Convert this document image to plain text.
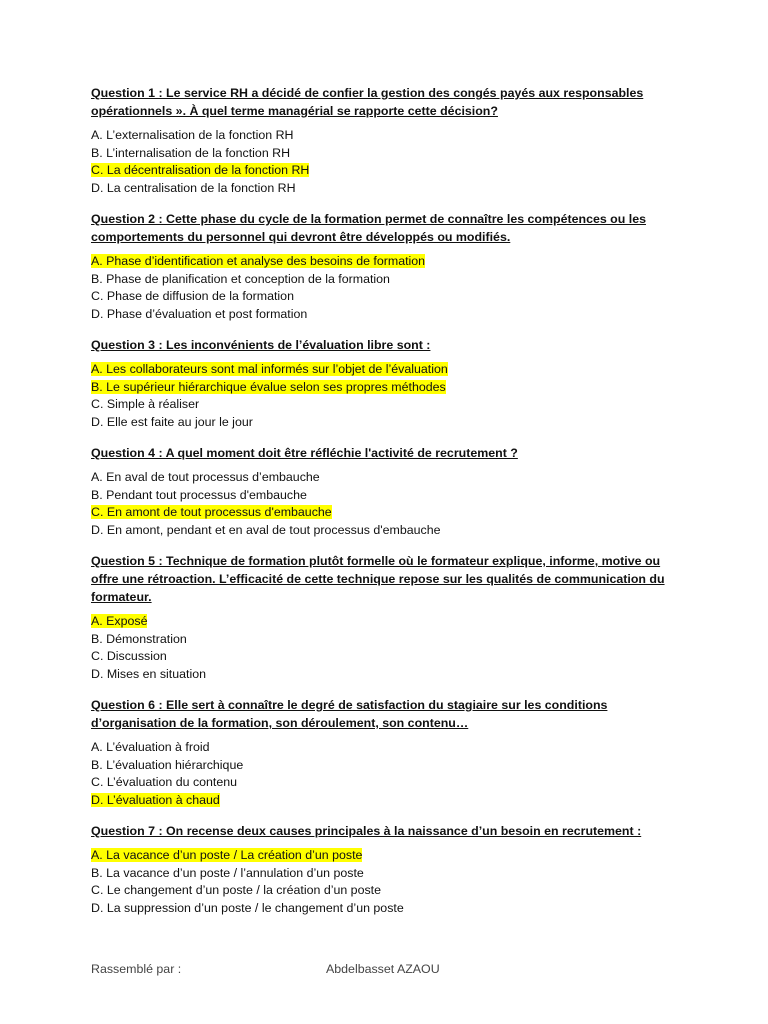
Question 1 : Le service RH a décidé de confier la gestion des congés payés aux responsables opérationnels ». À quel terme managérial se rapporte cette décision?
A. L’externalisation de la fonction RH
B. L’internalisation de la fonction RH
C. La décentralisation de la fonction RH
D. La centralisation de la fonction RH
Question 2 : Cette phase du cycle de la formation permet de connaître les compétences ou les comportements du personnel qui devront être développés ou modifiés.
A. Phase d’identification et analyse des besoins de formation
B. Phase de planification et conception de la formation
C. Phase de diffusion de la formation
D. Phase d’évaluation et post formation
Question 3 : Les inconvénients de l’évaluation libre sont :
A. Les collaborateurs sont mal informés sur l’objet de l’évaluation
B. Le supérieur hiérarchique évalue selon ses propres méthodes
C. Simple à réaliser
D. Elle est faite au jour le jour
Question 4 : A quel moment doit être réfléchie l'activité de recrutement ?
A. En aval de tout processus d’embauche
B. Pendant tout processus d'embauche
C. En amont de tout processus d'embauche
D. En amont, pendant et en aval de tout processus d'embauche
Question 5 : Technique de formation plutôt formelle où le formateur explique, informe, motive ou offre une rétroaction. L’efficacité de cette technique repose sur les qualités de communication du formateur.
A. Exposé
B. Démonstration
C. Discussion
D. Mises en situation
Question 6 : Elle sert à connaître le degré de satisfaction du stagiaire sur les conditions d’organisation de la formation, son déroulement, son contenu…
A. L’évaluation à froid
B. L’évaluation hiérarchique
C. L’évaluation du contenu
D. L’évaluation à chaud
Question 7 : On recense deux causes principales à la naissance d’un besoin en recrutement :
A. La vacance d’un poste / La création d’un poste
B. La vacance d’un poste / l’annulation d’un poste
C. Le changement d’un poste / la création d’un poste
D. La suppression d’un poste / le changement d’un poste
Rassemblé par :	Abdelbasset AZAOU
